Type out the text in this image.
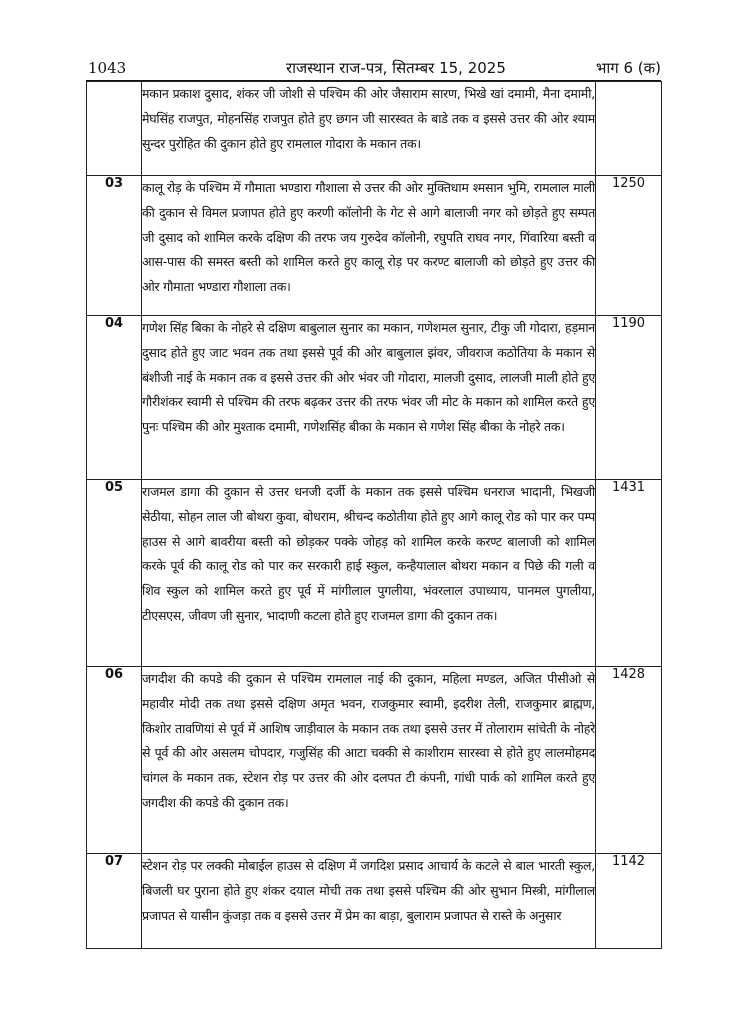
1043	राजस्थान राज-पत्र, सितम्बर 15, 2025	भाग 6 (क)
	मकान प्रकाश दुसाद, शंकर जी जोशी से पश्चिम की ओर जैसाराम सारण, भिखे खां दमामी, मैना दमामी, मेघसिंह राजपुत, मोहनसिंह राजपुत होते हुए छगन जी सारस्वत के बाडे तक व इससे उत्तर की ओर श्याम सुन्दर पुरोहित की दुकान होते हुए रामलाल गोदारा के मकान तक।	
03	कालू रोड़ के पश्चिम में गौमाता भण्डारा गौशाला से उत्तर की ओर मुक्तिधाम श्मसान भुमि, रामलाल माली की दुकान से विमल प्रजापत होते हुए करणी कॉलोनी के गेट से आगे बालाजी नगर को छोड़ते हुए सम्पत जी दुसाद को शामिल करके दक्षिण की तरफ जय गुरुदेव कॉलोनी, रघुपति राघव नगर, गिंवारिया बस्ती व आस-पास की समस्त बस्ती को शामिल करते हुए कालू रोड़ पर करण्ट बालाजी को छोड़ते हुए उत्तर की ओर गौमाता भण्डारा गौशाला तक।	1250
04	गणेश सिंह बिका के नोहरे से दक्षिण बाबुलाल सुनार का मकान, गणेशमल सुनार, टीकु जी गोदारा, हड़मान दुसाद होते हुए जाट भवन तक तथा इससे पूर्व की ओर बाबुलाल झंवर, जीवराज कठोतिया के मकान से बंशीजी नाई के मकान तक व इससे उत्तर की ओर भंवर जी गोदारा, मालजी दुसाद, लालजी माली होते हुए गौरीशंकर स्वामी से पश्चिम की तरफ बढ़कर उत्तर की तरफ भंवर जी मोट के मकान को शामिल करते हुए पुनः पश्चिम की ओर मुश्ताक दमामी, गणेशसिंह बीका के मकान से गणेश सिंह बीका के नोहरे तक।	1190
05	राजमल डागा की दुकान से उत्तर धनजी दर्जी के मकान तक इससे पश्चिम धनराज भादानी, भिखजी सेठीया, सोहन लाल जी बोथरा कुवा, बोधराम, श्रीचन्द कठोतीया होते हुए आगे कालू रोड को पार कर पम्प हाउस से आगे बावरीया बस्ती को छोड़कर पक्के जोहड़ को शामिल करके करण्ट बालाजी को शामिल करके पूर्व की कालू रोड को पार कर सरकारी हाई स्कुल, कन्हैयालाल बोथरा मकान व पिछे की गली व शिव स्कुल को शामिल करते हुए पूर्व में मांगीलाल पुगलीया, भंवरलाल उपाध्याय, पानमल पुगलीया, टीएसएस, जीवण जी सुनार, भादाणी कटला होते हुए राजमल डागा की दुकान तक।	1431
06	जगदीश की कपडे की दुकान से पश्चिम रामलाल नाई की दुकान, महिला मण्डल, अजित पीसीओ से महावीर मोदी तक तथा इससे दक्षिण अमृत भवन, राजकुमार स्वामी, इदरीश तेली, राजकुमार ब्राह्मण, किशोर तावणियां से पूर्व में आशिष जाड़ीवाल के मकान तक तथा इससे उत्तर में तोलाराम सांचेती के नोहरे से पूर्व की ओर असलम चोपदार, गजुसिंह की आटा चक्की से काशीराम सारस्वा से होते हुए लालमोहमद चांगल के मकान तक, स्टेशन रोड़ पर उत्तर की ओर दलपत टी कंपनी, गांधी पार्क को शामिल करते हुए जगदीश की कपडे की दुकान तक।	1428
07	स्टेशन रोड़ पर लक्की मोबाईल हाउस से दक्षिण में जगदिश प्रसाद आचार्य के कटले से बाल भारती स्कुल, बिजली घर पुराना होते हुए शंकर दयाल मोची तक तथा इससे पश्चिम की ओर सुभान मिस्त्री, मांगीलाल प्रजापत से यासीन कुंजड़ा तक व इससे उत्तर में प्रेम का बाड़ा, बुलाराम प्रजापत से रास्ते के अनुसार	1142
